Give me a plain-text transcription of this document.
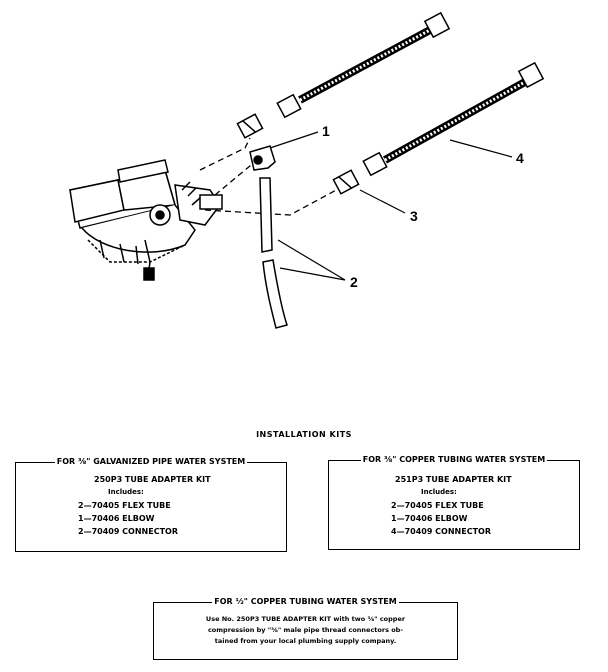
1
2
3
4
INSTALLATION KITS
FOR ⅜" GALVANIZED PIPE WATER SYSTEM
250P3 TUBE ADAPTER KIT
Includes:
2—70405 FLEX TUBE
1—70406 ELBOW
2—70409 CONNECTOR
FOR ⅜" COPPER TUBING WATER SYSTEM
251P3 TUBE ADAPTER KIT
Includes:
2—70405 FLEX TUBE
1—70406 ELBOW
4—70409 CONNECTOR
FOR ½" COPPER TUBING WATER SYSTEM
Use No. 250P3 TUBE ADAPTER KIT with two ⅜" copper
compression by "⅜" male pipe thread connectors ob-
tained from your local plumbing supply company.
